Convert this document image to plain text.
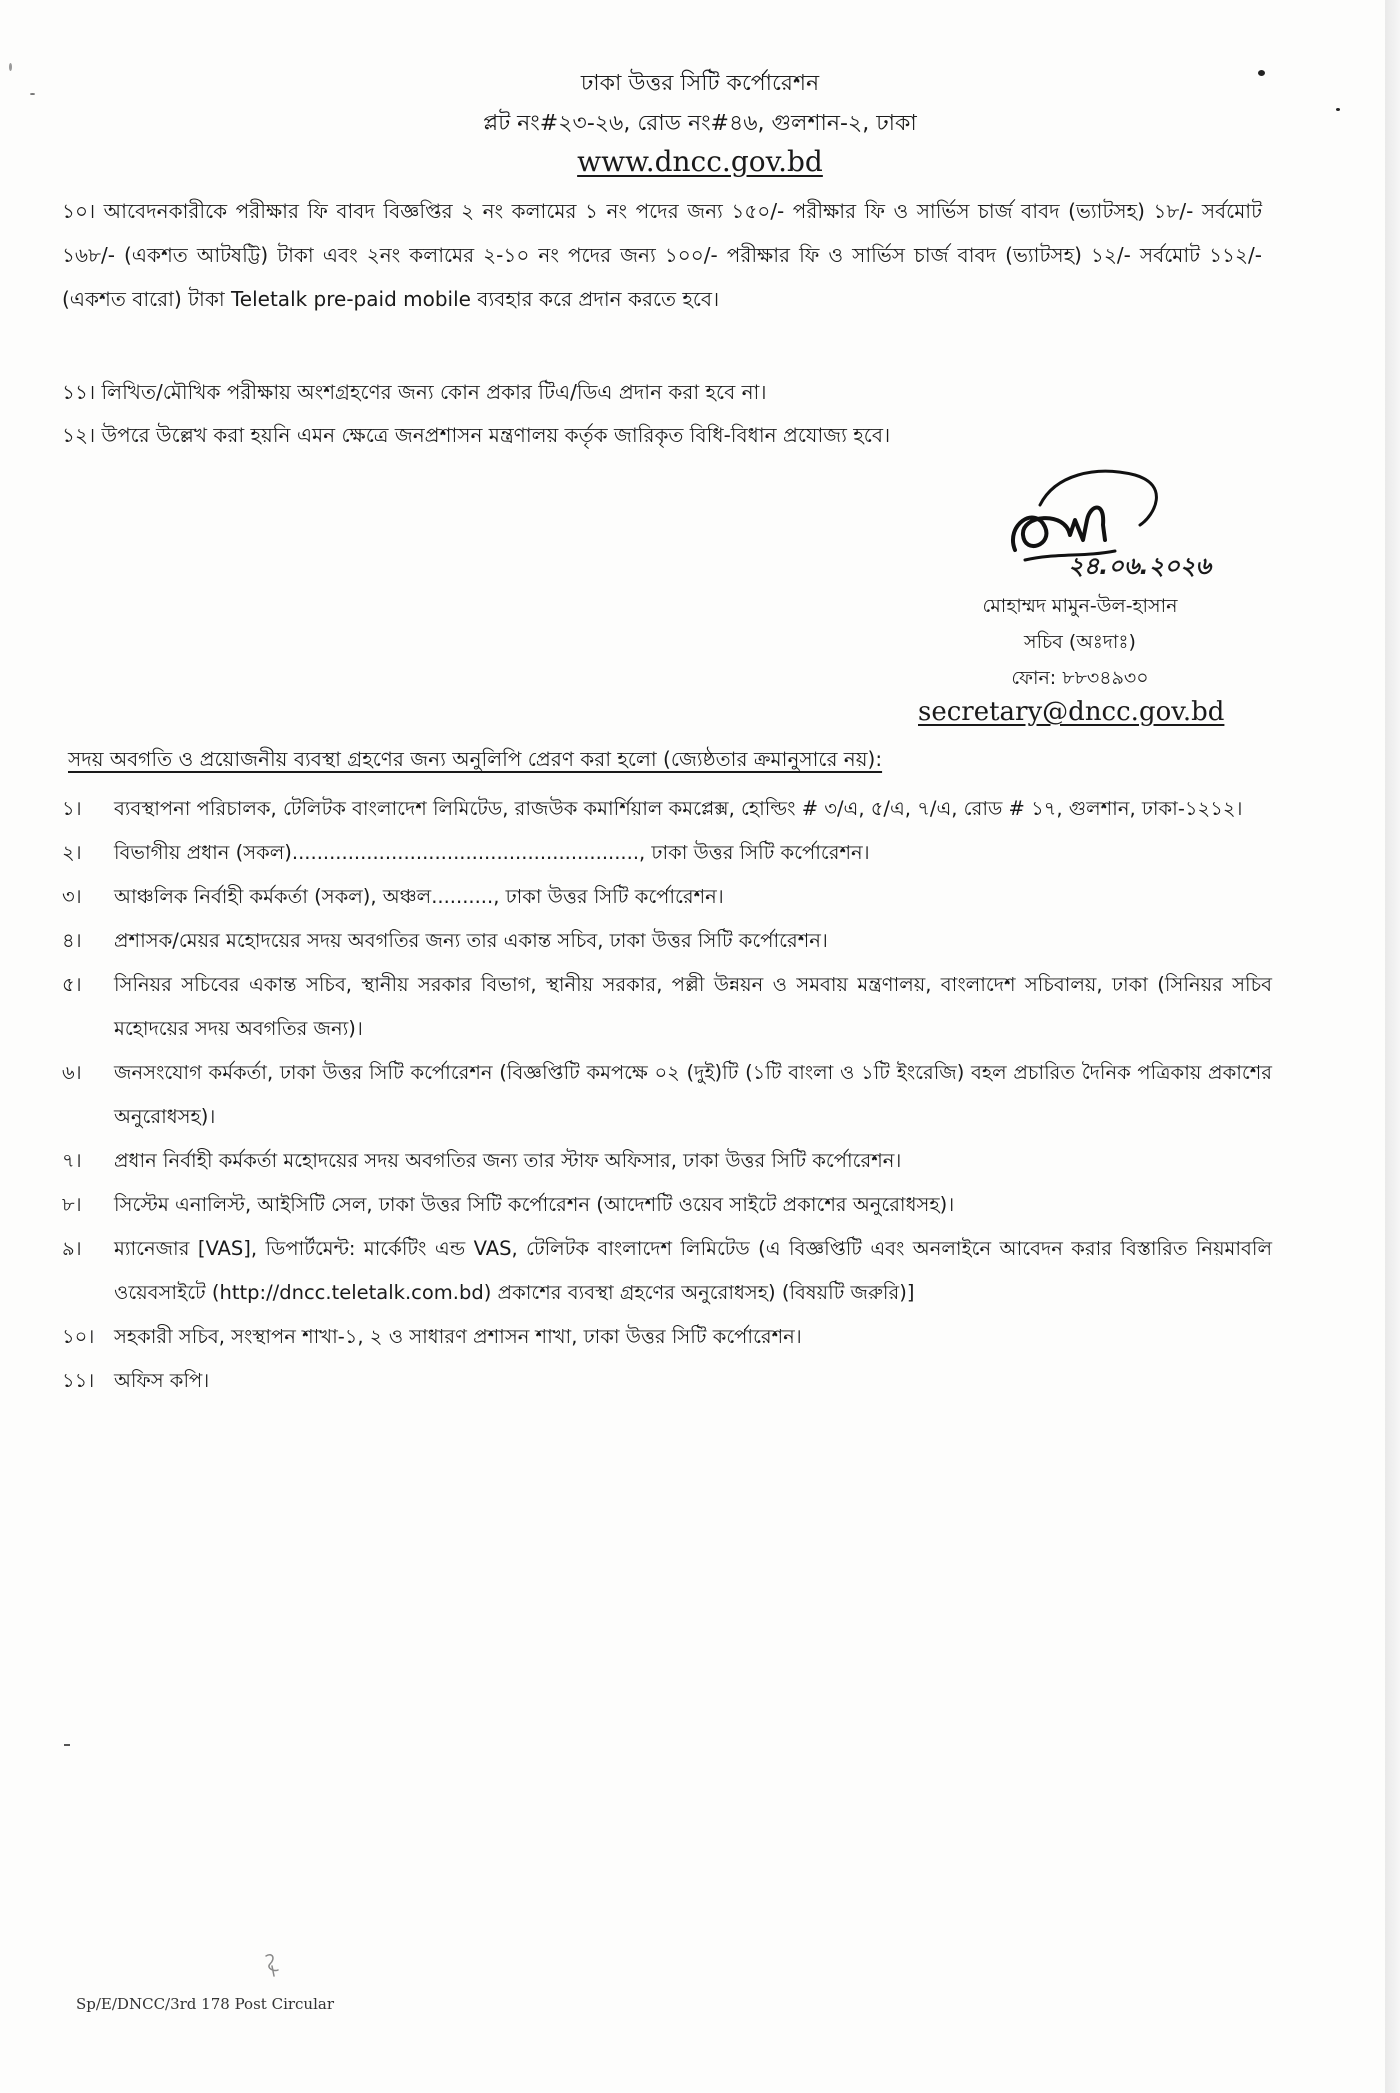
ঢাকা উত্তর সিটি কর্পোরেশন
প্লট নং#২৩-২৬, রোড নং#৪৬, গুলশান-২, ঢাকা
www.dncc.gov.bd
১০। আবেদনকারীকে পরীক্ষার ফি বাবদ বিজ্ঞপ্তির ২ নং কলামের ১ নং পদের জন্য ১৫০/- পরীক্ষার ফি ও সার্ভিস চার্জ বাবদ (ভ্যাটসহ) ১৮/- সর্বমোট ১৬৮/- (একশত আটষট্টি) টাকা এবং ২নং কলামের ২-১০ নং পদের জন্য ১০০/- পরীক্ষার ফি ও সার্ভিস চার্জ বাবদ (ভ্যাটসহ) ১২/- সর্বমোট ১১২/- (একশত বারো) টাকা Teletalk pre-paid mobile ব্যবহার করে প্রদান করতে হবে।
১১। লিখিত/মৌখিক পরীক্ষায় অংশগ্রহণের জন্য কোন প্রকার টিএ/ডিএ প্রদান করা হবে না।
১২। উপরে উল্লেখ করা হয়নি এমন ক্ষেত্রে জনপ্রশাসন মন্ত্রণালয় কর্তৃক জারিকৃত বিধি-বিধান প্রযোজ্য হবে।
২৪.০৬.২০২৬
মোহাম্মদ মামুন-উল-হাসান
সচিব (অঃদাঃ)
ফোন: ৮৮৩৪৯৩০
secretary@dncc.gov.bd
সদয় অবগতি ও প্রয়োজনীয় ব্যবস্থা গ্রহণের জন্য অনুলিপি প্রেরণ করা হলো (জ্যেষ্ঠতার ক্রমানুসারে নয়):
১।	ব্যবস্থাপনা পরিচালক, টেলিটক বাংলাদেশ লিমিটেড, রাজউক কমার্শিয়াল কমপ্লেক্স, হোল্ডিং # ৩/এ, ৫/এ, ৭/এ, রোড # ১৭, গুলশান, ঢাকা-১২১২।
২।	বিভাগীয় প্রধান (সকল)........................................................, ঢাকা উত্তর সিটি কর্পোরেশন।
৩।	আঞ্চলিক নির্বাহী কর্মকর্তা (সকল), অঞ্চল.........., ঢাকা উত্তর সিটি কর্পোরেশন।
৪।	প্রশাসক/মেয়র মহোদয়ের সদয় অবগতির জন্য তার একান্ত সচিব, ঢাকা উত্তর সিটি কর্পোরেশন।
৫।	সিনিয়র সচিবের একান্ত সচিব, স্থানীয় সরকার বিভাগ, স্থানীয় সরকার, পল্লী উন্নয়ন ও সমবায় মন্ত্রণালয়, বাংলাদেশ সচিবালয়, ঢাকা (সিনিয়র সচিব মহোদয়ের সদয় অবগতির জন্য)।
৬।	জনসংযোগ কর্মকর্তা, ঢাকা উত্তর সিটি কর্পোরেশন (বিজ্ঞপ্তিটি কমপক্ষে ০২ (দুই)টি (১টি বাংলা ও ১টি ইংরেজি) বহল প্রচারিত দৈনিক পত্রিকায় প্রকাশের অনুরোধসহ)।
৭।	প্রধান নির্বাহী কর্মকর্তা মহোদয়ের সদয় অবগতির জন্য তার স্টাফ অফিসার, ঢাকা উত্তর সিটি কর্পোরেশন।
৮।	সিস্টেম এনালিস্ট, আইসিটি সেল, ঢাকা উত্তর সিটি কর্পোরেশন (আদেশটি ওয়েব সাইটে প্রকাশের অনুরোধসহ)।
৯।	ম্যানেজার [VAS], ডিপার্টমেন্ট: মার্কেটিং এন্ড VAS, টেলিটক বাংলাদেশ লিমিটেড (এ বিজ্ঞপ্তিটি এবং অনলাইনে আবেদন করার বিস্তারিত নিয়মাবলি ওয়েবসাইটে (http://dncc.teletalk.com.bd) প্রকাশের ব্যবস্থা গ্রহণের অনুরোধসহ) (বিষয়টি জরুরি)]
১০।	সহকারী সচিব, সংস্থাপন শাখা-১, ২ ও সাধারণ প্রশাসন শাখা, ঢাকা উত্তর সিটি কর্পোরেশন।
১১।	অফিস কপি।
Sp/E/DNCC/3rd 178 Post Circular
